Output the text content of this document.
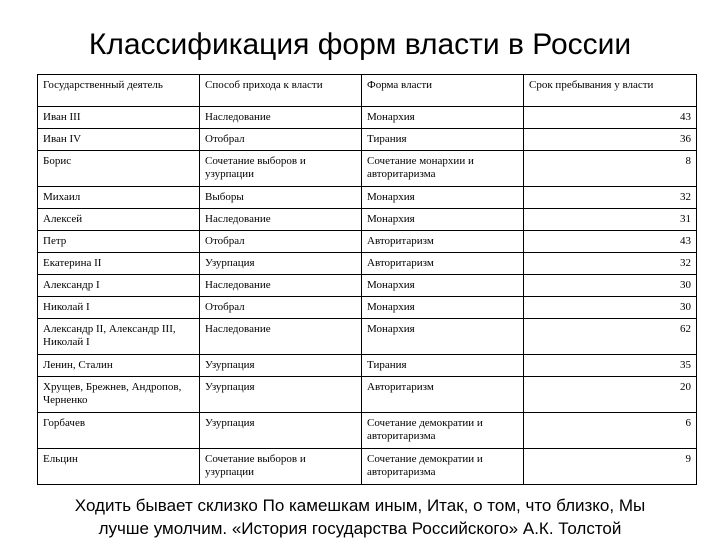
Классификация форм власти в России
Государственный деятель	Способ прихода к власти	Форма власти	Срок пребывания у власти
Иван III	Наследование	Монархия	43
Иван IV	Отобрал	Тирания	36
Борис	Сочетание выборов и узурпации	Сочетание монархии и авторитаризма	8
Михаил	Выборы	Монархия	32
Алексей	Наследование	Монархия	31
Петр	Отобрал	Авторитаризм	43
Екатерина II	Узурпация	Авторитаризм	32
Александр I	Наследование	Монархия	30
Николай I	Отобрал	Монархия	30
Александр II, Александр III, Николай I	Наследование	Монархия	62
Ленин, Сталин	Узурпация	Тирания	35
Хрущев, Брежнев, Андропов, Черненко	Узурпация	Авторитаризм	20
Горбачев	Узурпация	Сочетание демократии и авторитаризма	6
Ельцин	Сочетание выборов и узурпации	Сочетание демократии и авторитаризма	9
Ходить бывает склизко По камешкам иным, Итак, о том, что близко, Мы
лучше умолчим. «История государства Российского» А.К. Толстой
